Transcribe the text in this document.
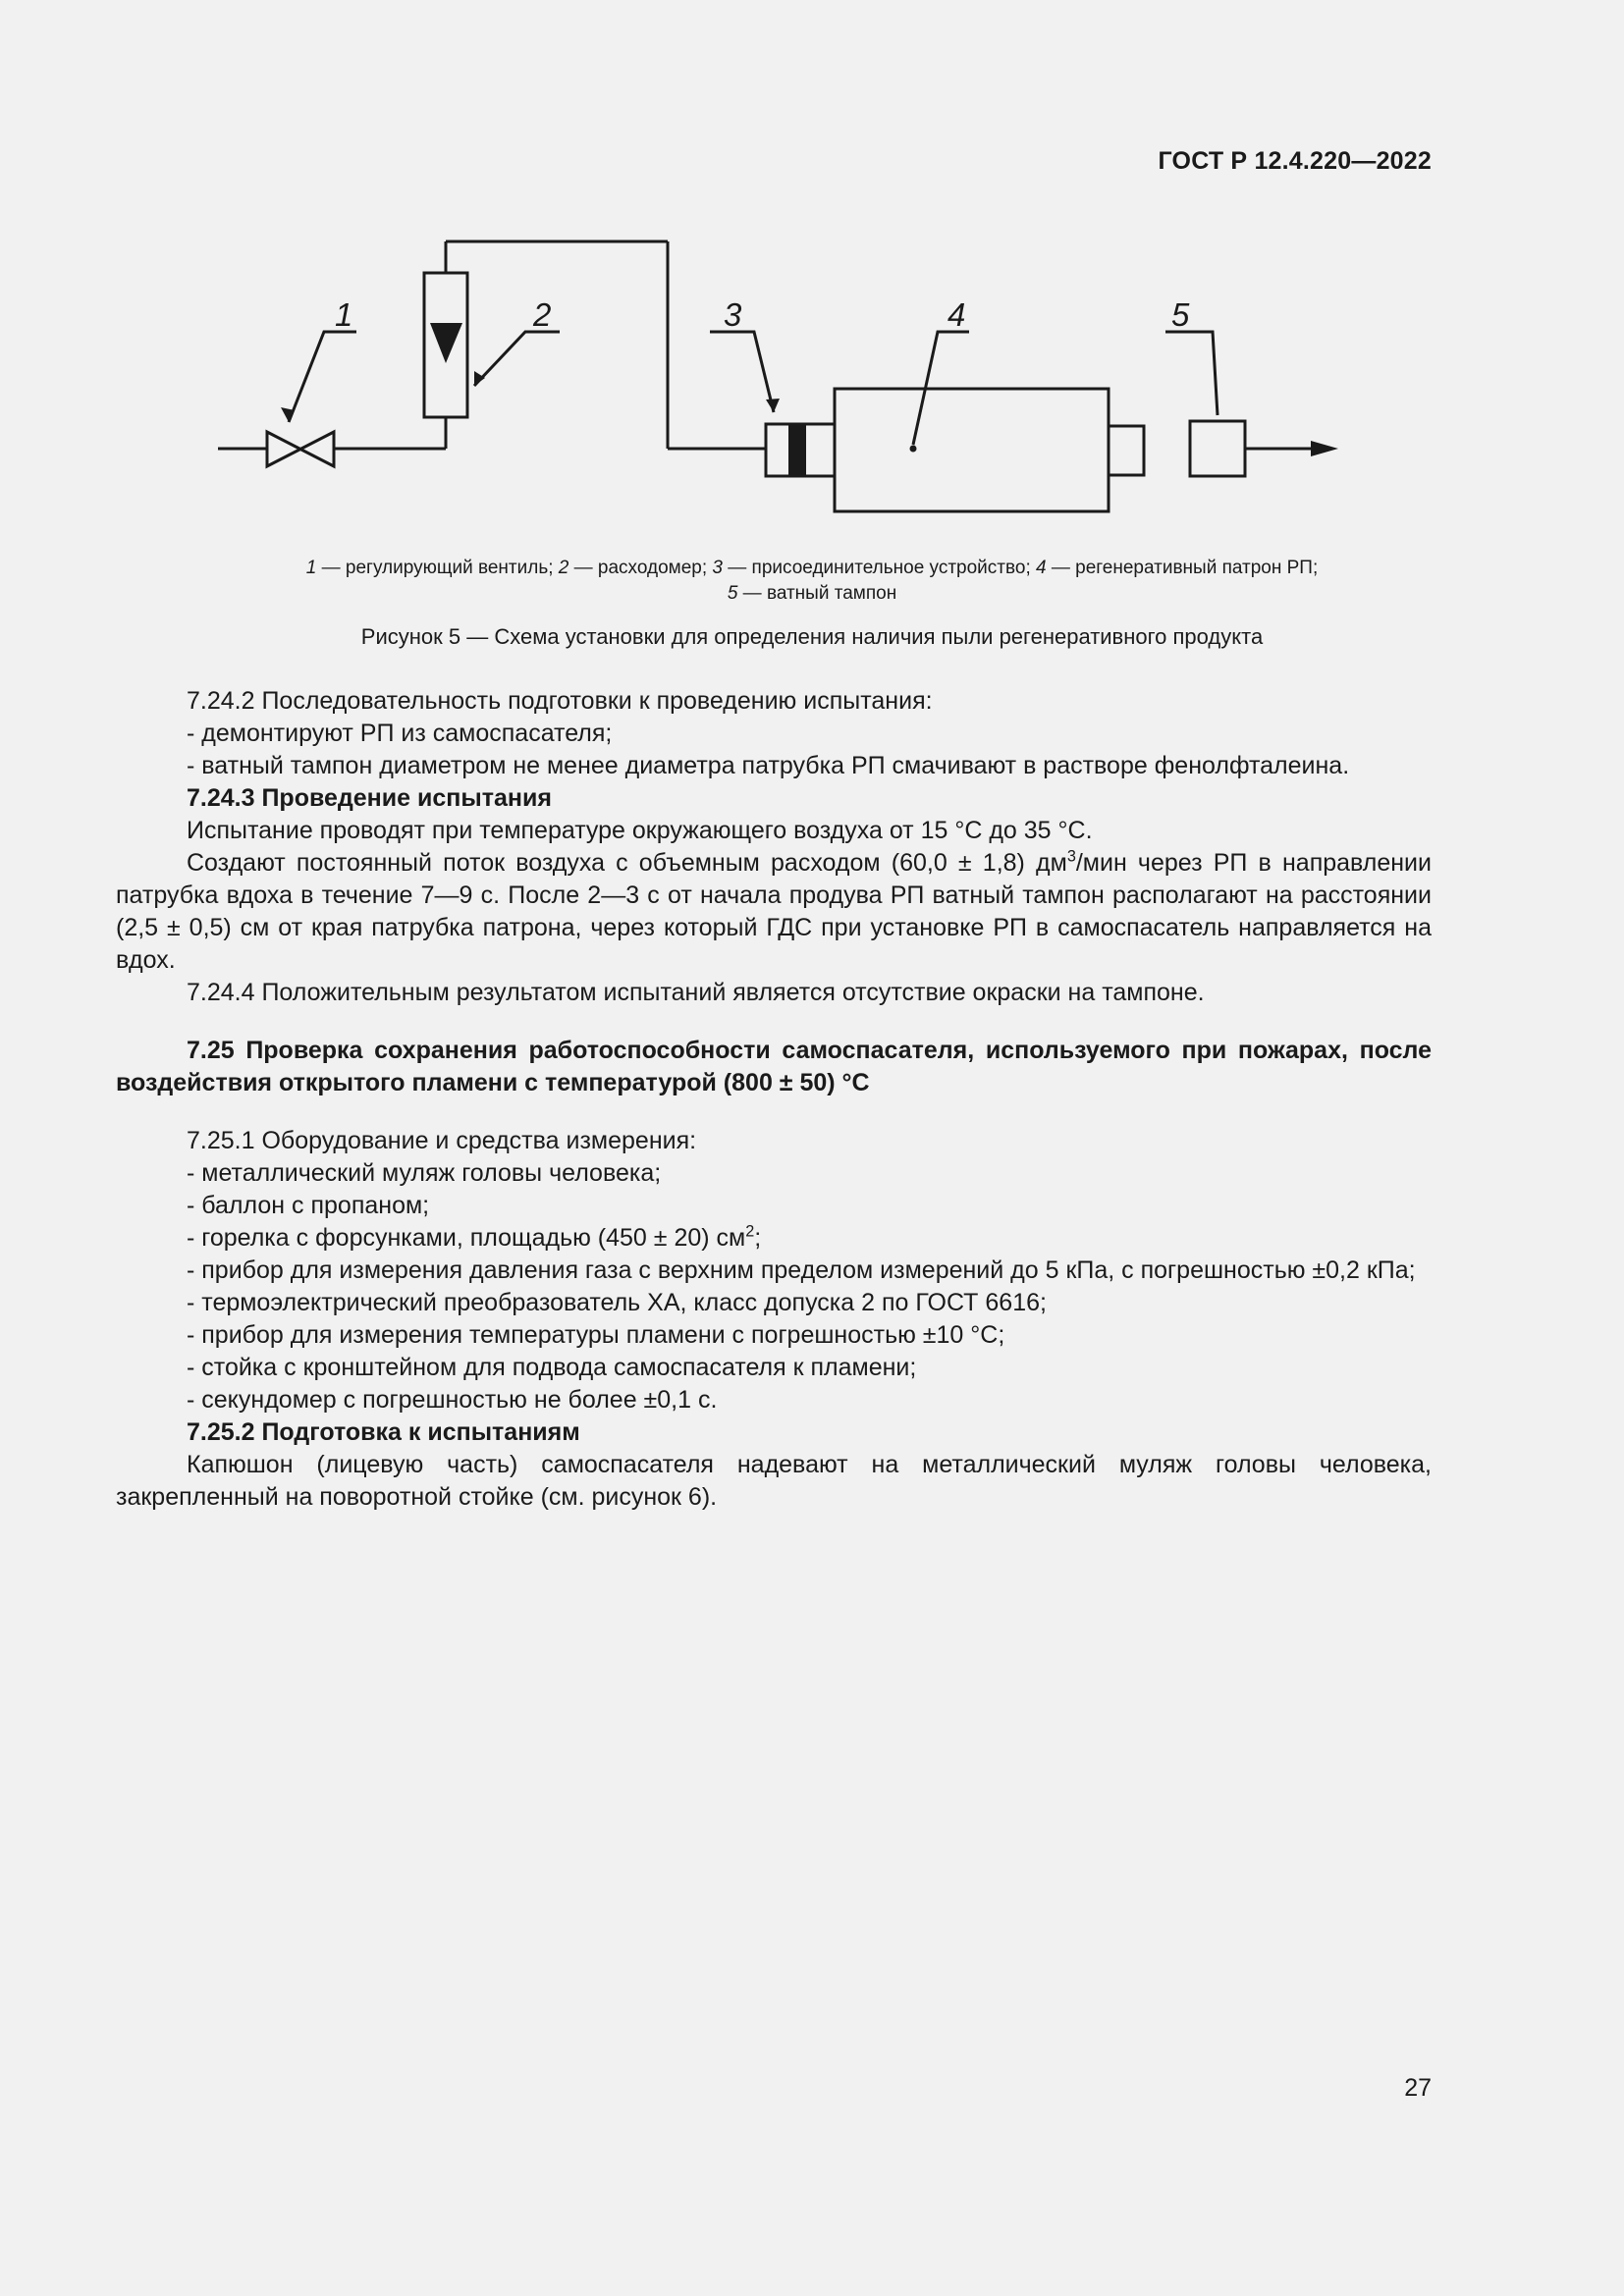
ГОСТ Р 12.4.220—2022
1	2	3	4	5
1 — регулирующий вентиль; 2 — расходомер; 3 — присоединительное устройство; 4 — регенеративный патрон РП;
5 — ватный тампон
Рисунок 5 — Схема установки для определения наличия пыли регенеративного продукта

7.24.2 Последовательность подготовки к проведению испытания:

- демонтируют РП из самоспасателя;

- ватный тампон диаметром не менее диаметра патрубка РП смачивают в растворе фенолфталеина.

7.24.3 Проведение испытания

Испытание проводят при температуре окружающего воздуха от 15 °С до 35 °С.

Создают постоянный поток воздуха с объемным расходом (60,0 ± 1,8) $дм^3$/мин через РП в направлении патрубка вдоха в течение 7—9 с. После 2—3 с от начала продува РП ватный тампон располагают на расстоянии (2,5 ± 0,5) см от края патрубка патрона, через который ГДС при установке РП в самоспасатель направляется на вдох.

7.24.4 Положительным результатом испытаний является отсутствие окраски на тампоне.

7.25 Проверка сохранения работоспособности самоспасателя, используемого при пожарах, после воздействия открытого пламени с температурой (800 ± 50) °С

7.25.1 Оборудование и средства измерения:

- металлический муляж головы человека;

- баллон с пропаном;

- горелка с форсунками, площадью (450 ± 20) $см^2$;

- прибор для измерения давления газа с верхним пределом измерений до 5 кПа, с погрешностью ±0,2 кПа;

- термоэлектрический преобразователь ХА, класс допуска 2 по ГОСТ 6616;

- прибор для измерения температуры пламени с погрешностью ±10 °С;

- стойка с кронштейном для подвода самоспасателя к пламени;

- секундомер с погрешностью не более ±0,1 с.

7.25.2 Подготовка к испытаниям

Капюшон (лицевую часть) самоспасателя надевают на металлический муляж головы человека, закрепленный на поворотной стойке (см. рисунок 6).

27
